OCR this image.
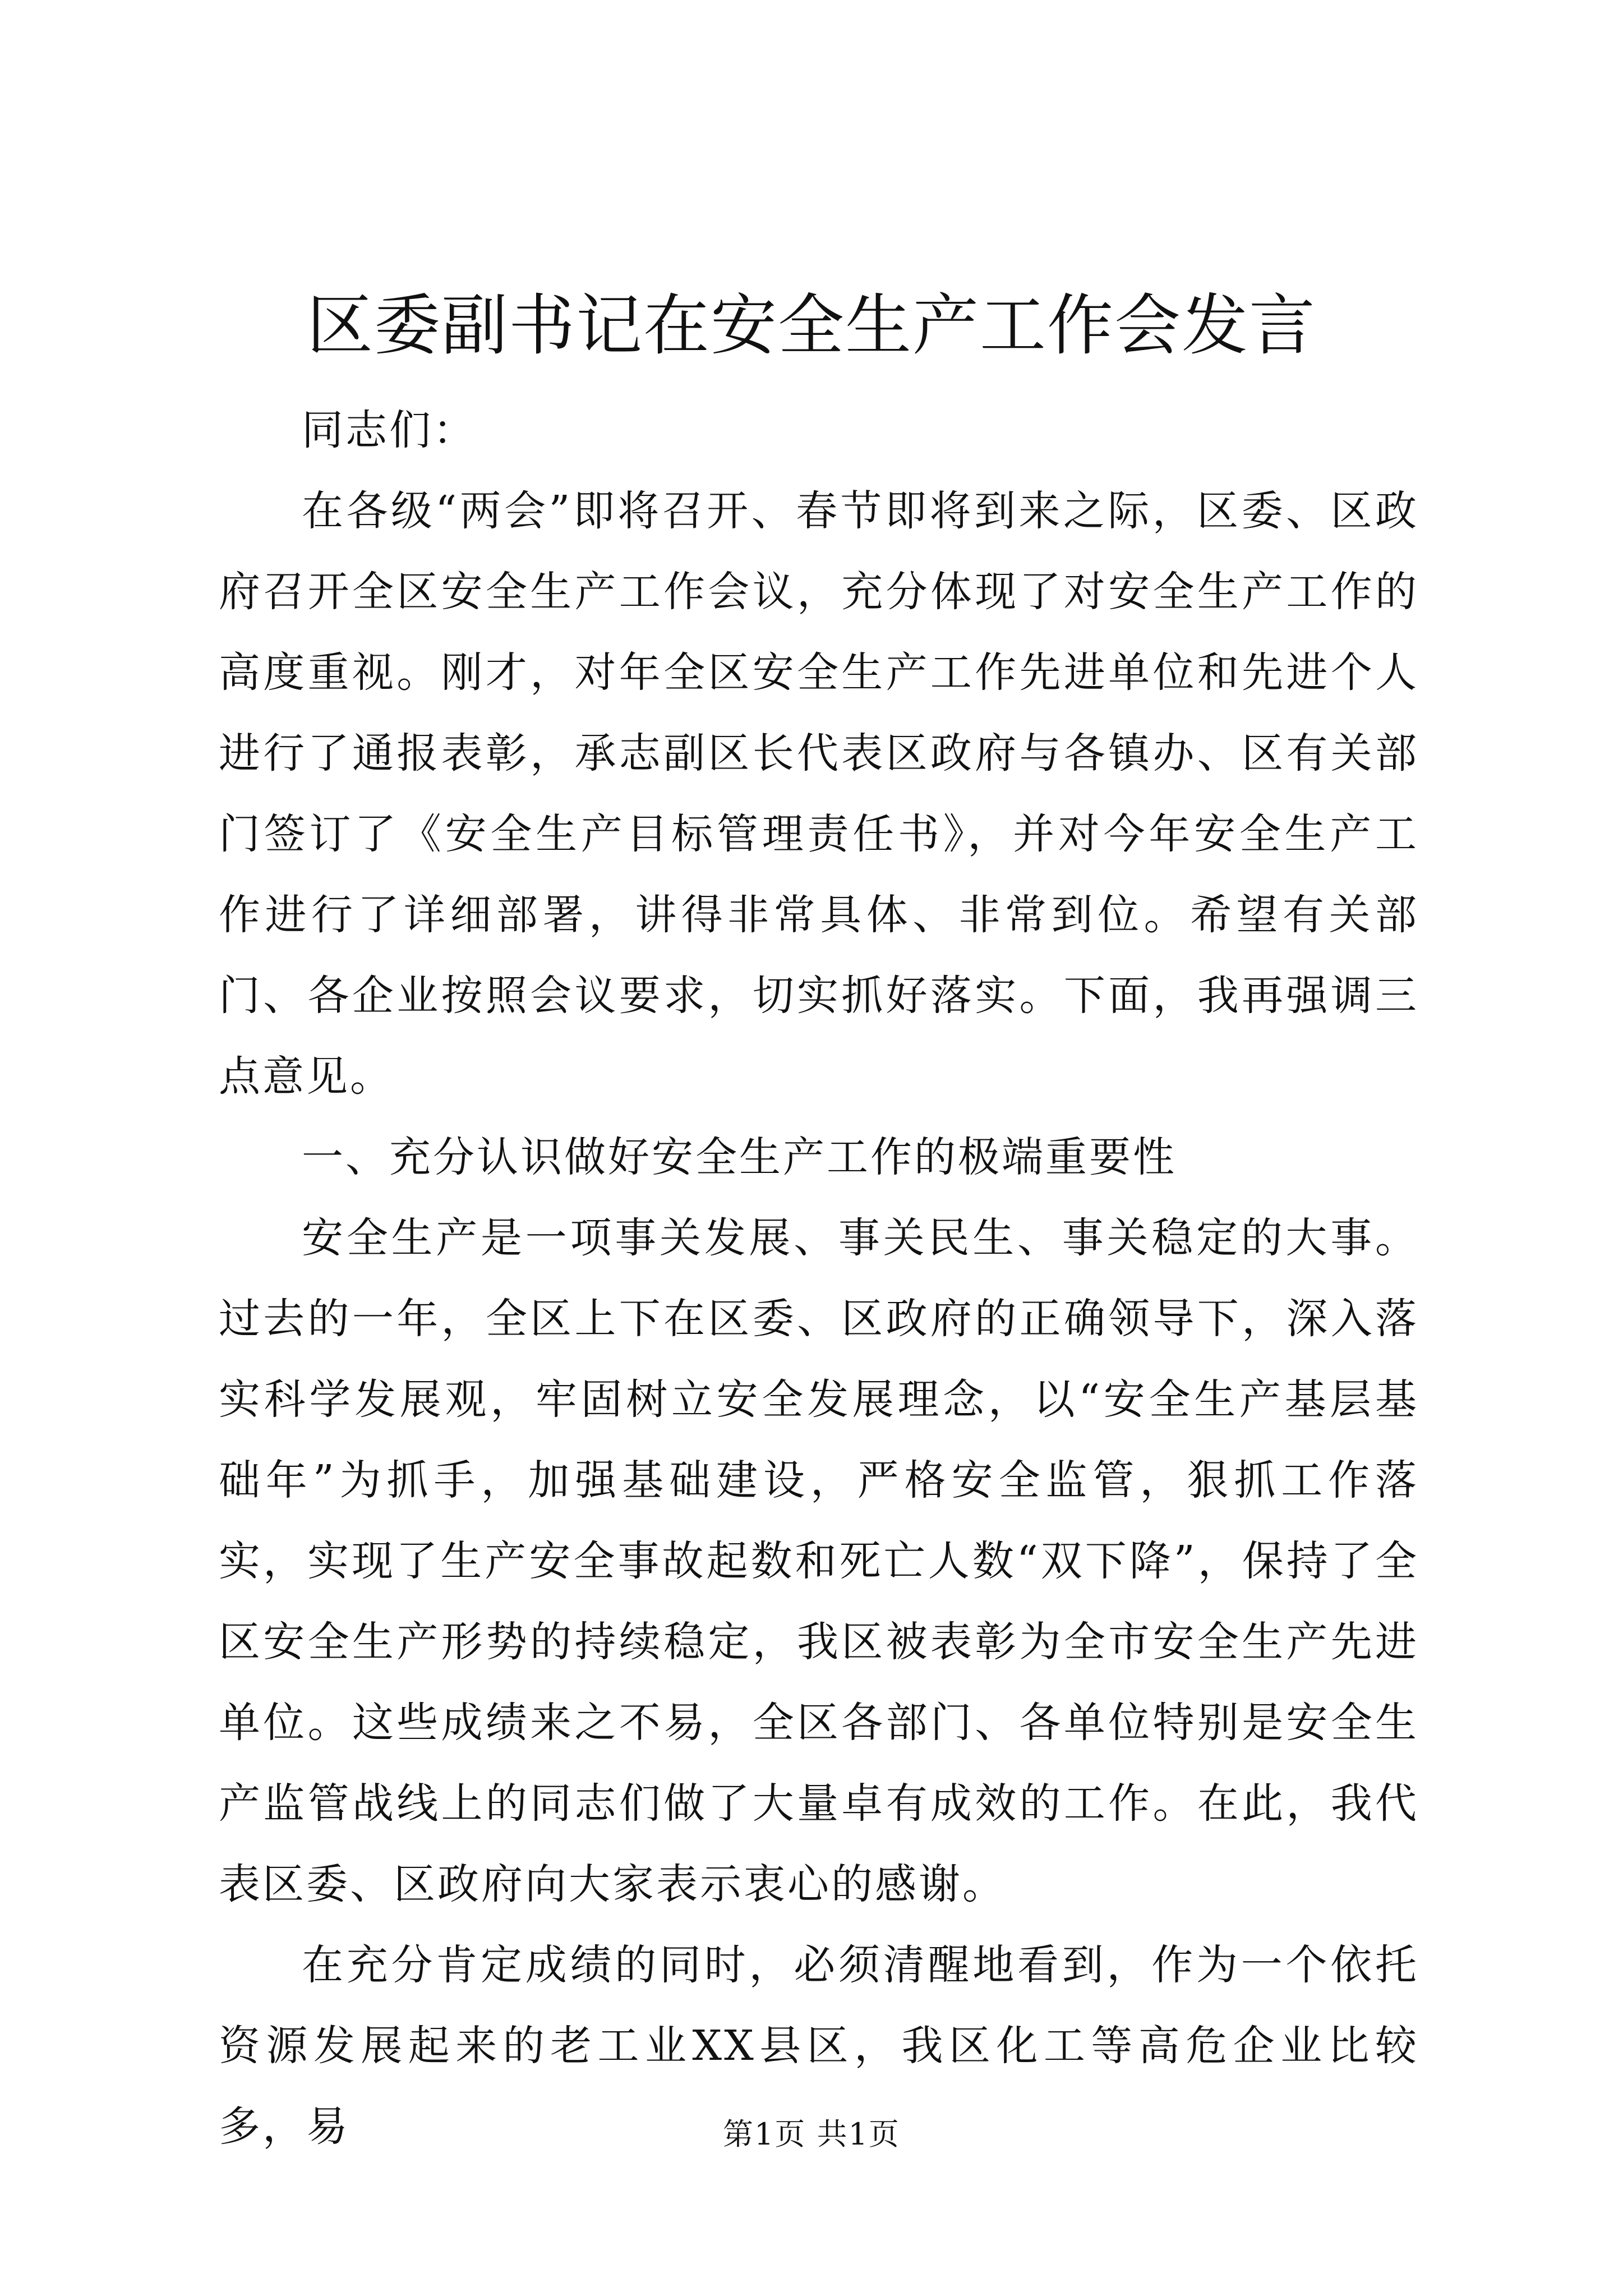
区委副书记在安全生产工作会发言

同志们：

在各级“两会”即将召开、春节即将到来之际，区委、区政府召开全区安全生产工作会议，充分体现了对安全生产工作的高度重视。刚才，对年全区安全生产工作先进单位和先进个人进行了通报表彰，承志副区长代表区政府与各镇办、区有关部门签订了《安全生产目标管理责任书》，并对今年安全生产工作进行了详细部署，讲得非常具体、非常到位。希望有关部门、各企业按照会议要求，切实抓好落实。下面，我再强调三点意见。

一、充分认识做好安全生产工作的极端重要性

安全生产是一项事关发展、事关民生、事关稳定的大事。过去的一年，全区上下在区委、区政府的正确领导下，深入落实科学发展观，牢固树立安全发展理念，以“安全生产基层基础年”为抓手，加强基础建设，严格安全监管，狠抓工作落实，实现了生产安全事故起数和死亡人数“双下降”，保持了全区安全生产形势的持续稳定，我区被表彰为全市安全生产先进单位。这些成绩来之不易，全区各部门、各单位特别是安全生产监管战线上的同志们做了大量卓有成效的工作。在此，我代表区委、区政府向大家表示衷心的感谢。

在充分肯定成绩的同时，必须清醒地看到，作为一个依托资源发展起来的老工业XX县区，我区化工等高危企业比较多，易	第1页 共1页
